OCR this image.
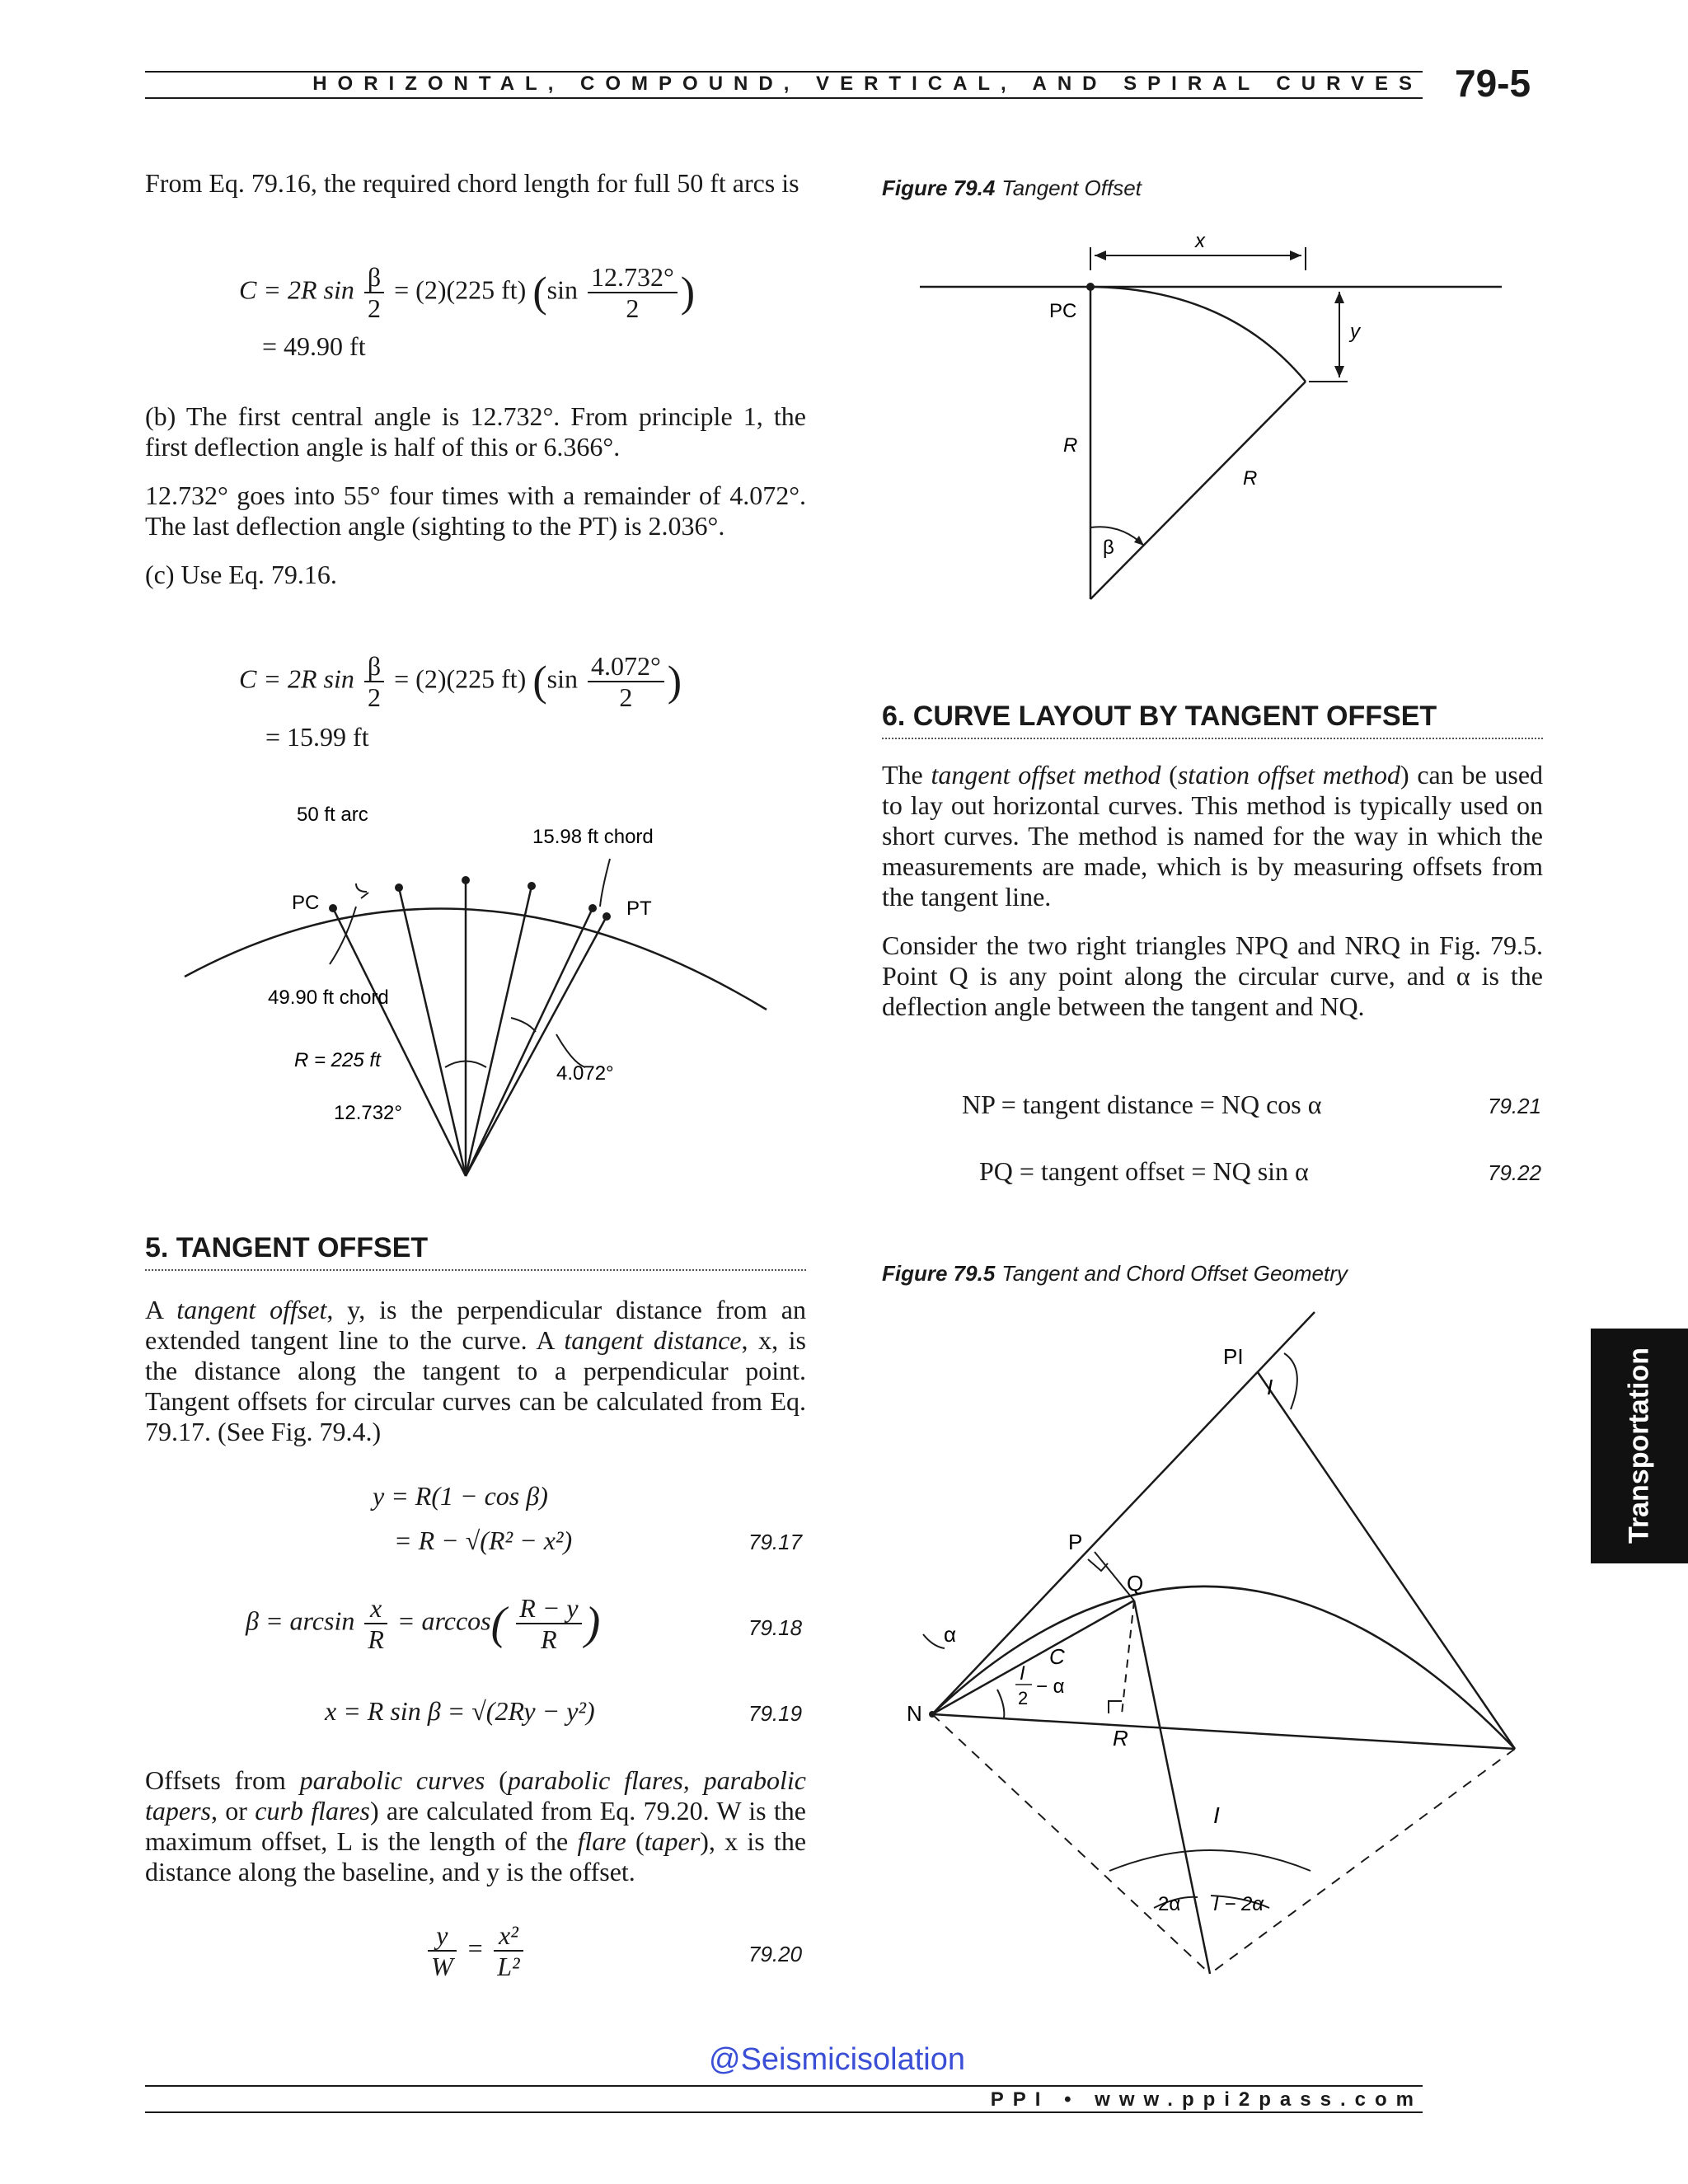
HORIZONTAL, COMPOUND, VERTICAL, AND SPIRAL CURVES 79-5

From Eq. 79.16, the required chord length for full 50 ft arcs is

C = 2R $\sin \frac{\beta}{2} = (2)(225$ ft) ($\sin \frac{12.732^\circ}{2}$ )
= 49.90 ft

(b) The first central angle is 12.732°. From principle 1, the first deflection angle is half of this or 6.366°.

12.732° goes into 55° four times with a remainder of 4.072°. The last deflection angle (sighting to the PT) is 2.036°.

(c) Use Eq. 79.16.

C = 2R $\sin \frac{\beta}{2} = (2)(225$ ft) ($\sin \frac{4.072^\circ}{2}$ )
= 15.99 ft
50 ft arc
15.98 ft chord
PC	PT
49.90 ft chord
R = 225 ft
4.072°
12.732°
5. TANGENT OFFSET

A tangent offset, y, is the perpendicular distance from an extended tangent line to the curve. A tangent distance, x, is the distance along the tangent to a perpendicular point. Tangent offsets for circular curves can be calculated from Eq. 79.17. (See Fig. 79.4.)

y = R(1 − cos β)
= R − √(R² − x²)	79.17
$\beta = \arcsin \frac{x}{R} = \arccos( \frac{R - y}{R}$ )	79.18
x = R sin β = √(2Ry − y²)	79.19

Offsets from parabolic curves (parabolic flares, parabolic tapers, or curb flares) are calculated from Eq. 79.20. W is the maximum offset, L is the length of the flare (taper), x is the distance along the baseline, and y is the offset.

$\frac{y}{W} = \frac{\text{x²}}{\text{L²}}$	79.20
Figure 79.4 Tangent Offset
x
y
PC
R
R
β
6. CURVE LAYOUT BY TANGENT OFFSET

The tangent offset method (station offset method) can be used to lay out horizontal curves. This method is typically used on short curves. The method is named for the way in which the measurements are made, which is by measuring offsets from the tangent line.

Consider the two right triangles NPQ and NRQ in Fig. 79.5. Point Q is any point along the circular curve, and α is the deflection angle between the tangent and NQ.

NP = tangent distance = NQ cos α	79.21
PQ = tangent offset = NQ sin α	79.22
Figure 79.5 Tangent and Chord Offset Geometry
PI
I
P
Q
α
C
I
2
− α
N
R
I
2α I − 2α
Transportation
@Seismicisolation
PPI • www.ppi2pass.com
